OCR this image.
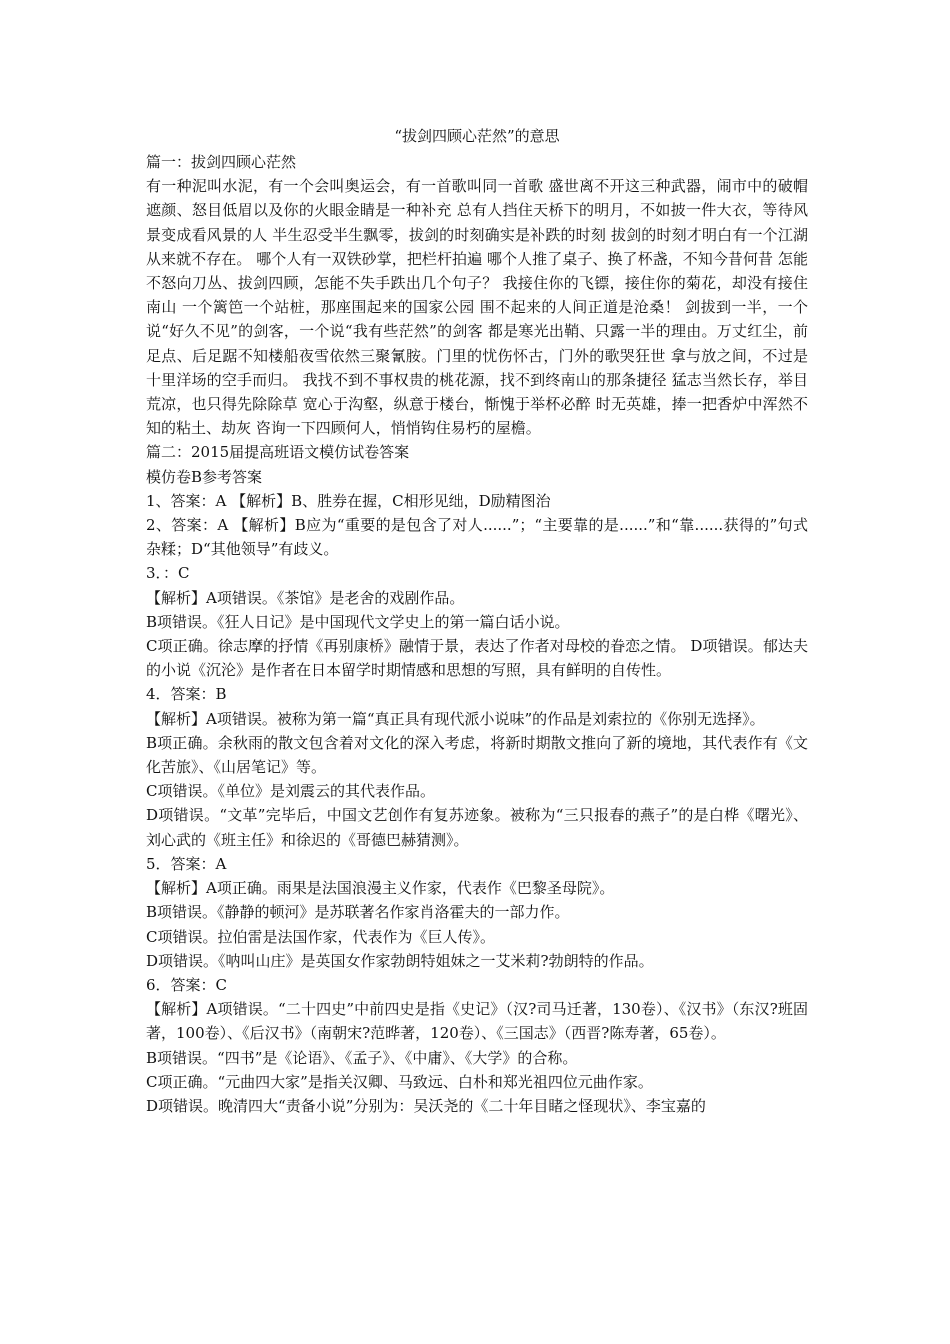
“拔剑四顾心茫然”的意思

篇一：拔剑四顾心茫然

有一种泥叫水泥，有一个会叫奥运会，有一首歌叫同一首歌 盛世离不开这三种武器，闹市中的破帽遮颜、怒目低眉以及你的火眼金睛是一种补充 总有人挡住天桥下的明月，不如披一件大衣，等待风景变成看风景的人 半生忍受半生飘零，拔剑的时刻确实是补跌的时刻 拔剑的时刻才明白有一个江湖从来就不存在。 哪个人有一双铁砂掌，把栏杆拍遍 哪个人推了桌子、换了杯盏，不知今昔何昔 怎能不怒向刀丛、拔剑四顾，怎能不失手跌出几个句子？ 我接住你的飞镖，接住你的菊花，却没有接住南山 一个篱笆一个站桩，那座围起来的国家公园 围不起来的人间正道是沧桑！ 剑拔到一半，一个说“好久不见”的剑客，一个说“我有些茫然”的剑客 都是寒光出鞘、只露一半的理由。万丈红尘，前足点、后足踞不知楼船夜雪依然三聚氰胺。门里的忧伤怀古，门外的歌哭狂世 拿与放之间，不过是十里洋场的空手而归。 我找不到不事权贵的桃花源，找不到终南山的那条捷径 猛志当然长存，举目荒凉，也只得先除除草 宽心于沟壑，纵意于楼台，惭愧于举杯必醉 时无英雄，捧一把香炉中浑然不知的粘土、劫灰 咨询一下四顾何人，悄悄钩住易朽的屋檐。

篇二：2015届提高班语文模仿试卷答案

模仿卷B参考答案

1、答案：A 【解析】B、胜券在握，C相形见绌，D励精图治

2、答案：A 【解析】B应为“重要的是包含了对人......”；“主要靠的是......”和“靠......获得的”句式杂糅；D“其他领导”有歧义。

3．：C

【解析】A项错误。《茶馆》是老舍的戏剧作品。

B项错误。《狂人日记》是中国现代文学史上的第一篇白话小说。

C项正确。徐志摩的抒情《再别康桥》融情于景，表达了作者对母校的眷恋之情。 D项错误。郁达夫的小说《沉沦》是作者在日本留学时期情感和思想的写照，具有鲜明的自传性。

4．答案：B

【解析】A项错误。被称为第一篇“真正具有现代派小说味”的作品是刘索拉的《你别无选择》。

B项正确。余秋雨的散文包含着对文化的深入考虑，将新时期散文推向了新的境地，其代表作有《文化苦旅》、《山居笔记》等。

C项错误。《单位》是刘震云的其代表作品。

D项错误。“文革”完毕后，中国文艺创作有复苏迹象。被称为“三只报春的燕子”的是白桦《曙光》、刘心武的《班主任》和徐迟的《哥德巴赫猜测》。

5．答案：A

【解析】A项正确。雨果是法国浪漫主义作家，代表作《巴黎圣母院》。

B项错误。《静静的顿河》是苏联著名作家肖洛霍夫的一部力作。

C项错误。拉伯雷是法国作家，代表作为《巨人传》。

D项错误。《呐叫山庄》是英国女作家勃朗特姐妹之一艾米莉?勃朗特的作品。

6．答案：C

【解析】A项错误。“二十四史”中前四史是指《史记》（汉?司马迁著，130卷）、《汉书》（东汉?班固著，100卷）、《后汉书》（南朝宋?范晔著，120卷）、《三国志》（西晋?陈寿著，65卷）。

B项错误。“四书”是《论语》、《孟子》、《中庸》、《大学》的合称。

C项正确。“元曲四大家”是指关汉卿、马致远、白朴和郑光祖四位元曲作家。

D项错误。晚清四大“责备小说”分别为：吴沃尧的《二十年目睹之怪现状》、李宝嘉的
